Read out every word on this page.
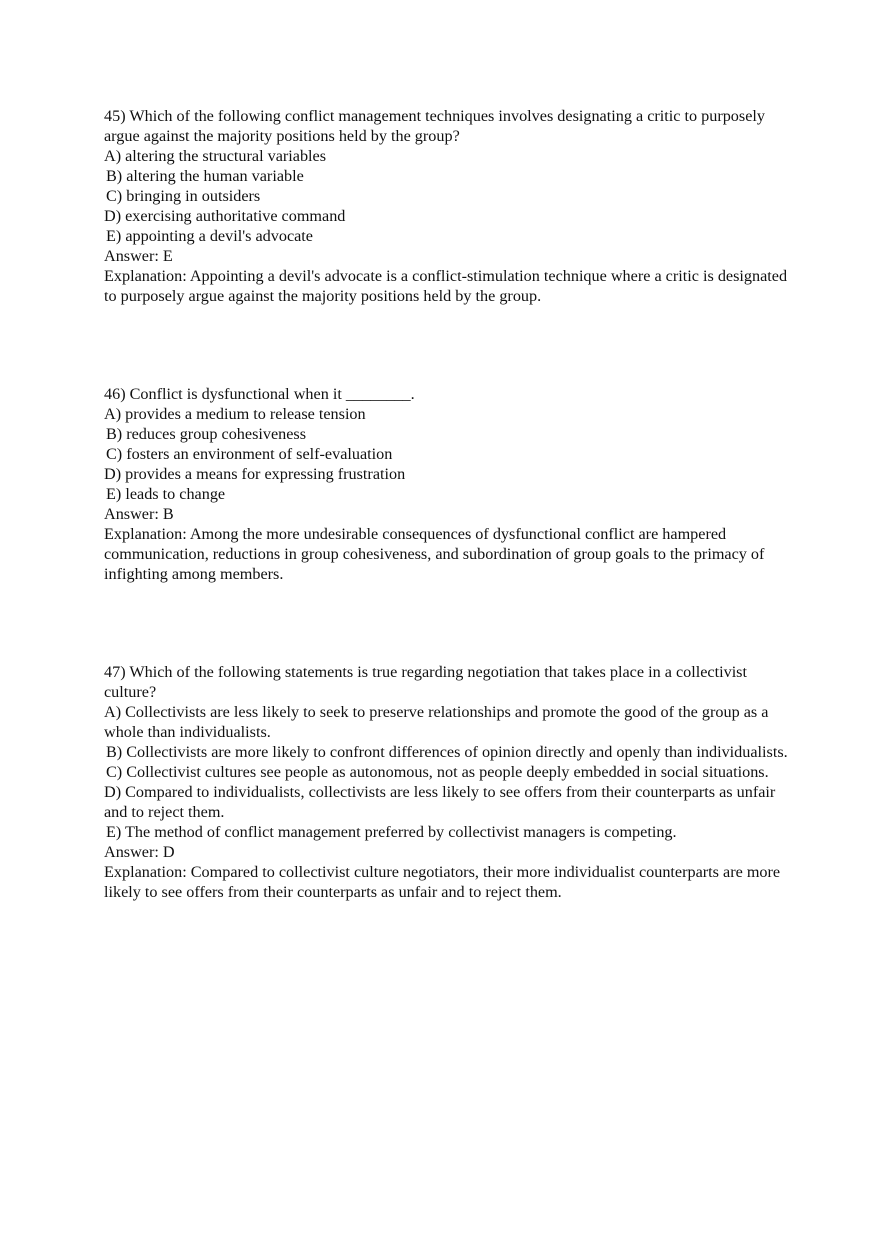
45) Which of the following conflict management techniques involves designating a critic to purposely argue against the majority positions held by the group?
A) altering the structural variables
B) altering the human variable
C) bringing in outsiders
D) exercising authoritative command
E) appointing a devil's advocate
Answer: E
Explanation: Appointing a devil's advocate is a conflict-stimulation technique where a critic is designated to purposely argue against the majority positions held by the group.
46) Conflict is dysfunctional when it ________.
A) provides a medium to release tension
B) reduces group cohesiveness
C) fosters an environment of self-evaluation
D) provides a means for expressing frustration
E) leads to change
Answer: B
Explanation: Among the more undesirable consequences of dysfunctional conflict are hampered communication, reductions in group cohesiveness, and subordination of group goals to the primacy of infighting among members.
47) Which of the following statements is true regarding negotiation that takes place in a collectivist culture?
A) Collectivists are less likely to seek to preserve relationships and promote the good of the group as a whole than individualists.
B) Collectivists are more likely to confront differences of opinion directly and openly than individualists.
C) Collectivist cultures see people as autonomous, not as people deeply embedded in social situations.
D) Compared to individualists, collectivists are less likely to see offers from their counterparts as unfair and to reject them.
E) The method of conflict management preferred by collectivist managers is competing.
Answer: D
Explanation: Compared to collectivist culture negotiators, their more individualist counterparts are more likely to see offers from their counterparts as unfair and to reject them.
